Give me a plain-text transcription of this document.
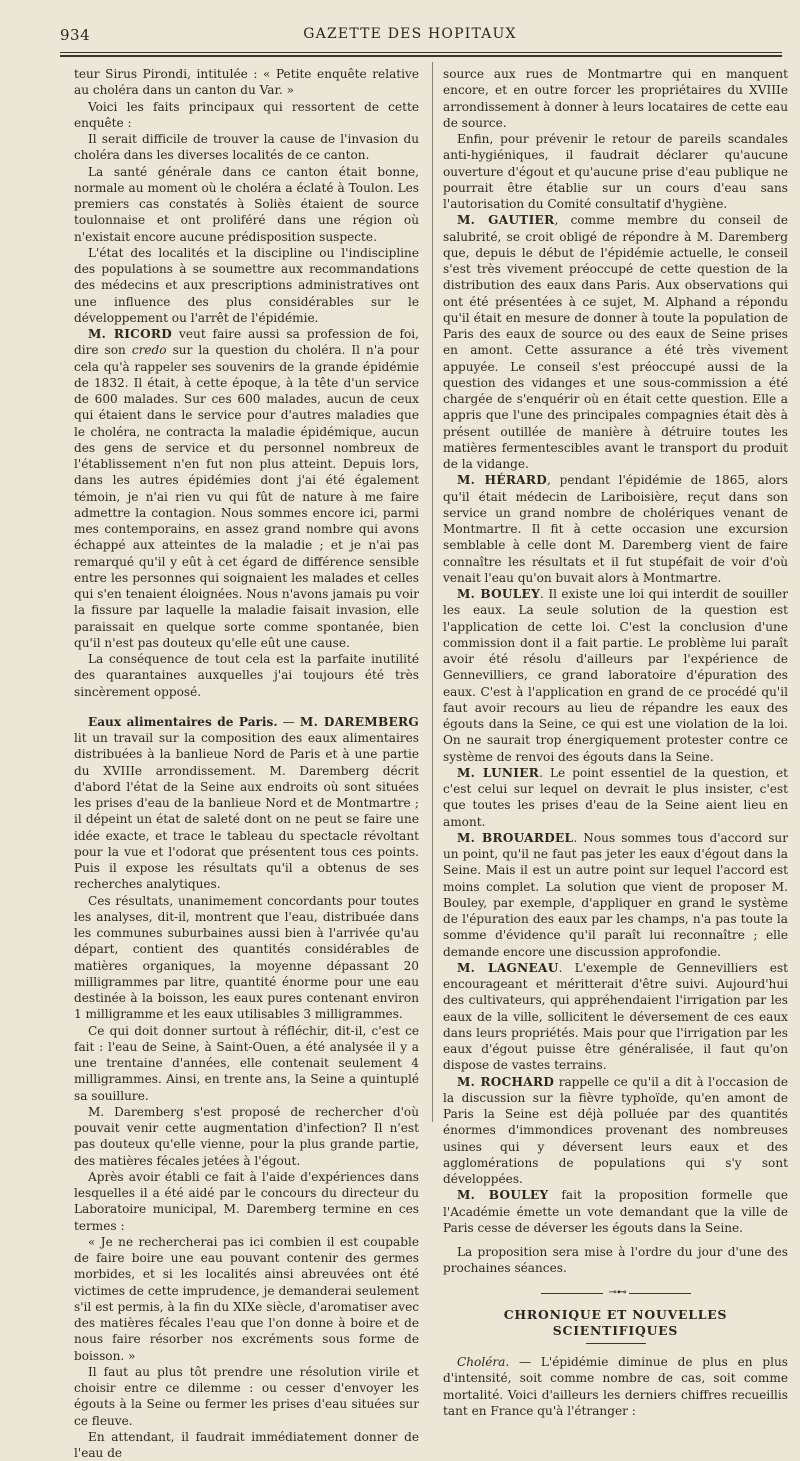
934	GAZETTE DES HOPITAUX

teur Sirus Pirondi, intitulée : « Petite enquête relative au choléra dans un canton du Var. »

Voici les faits principaux qui ressortent de cette enquête :

Il serait difficile de trouver la cause de l'invasion du choléra dans les diverses localités de ce canton.

La santé générale dans ce canton était bonne, normale au moment où le choléra a éclaté à Toulon. Les premiers cas constatés à Soliès étaient de source toulonnaise et ont proliféré dans une région où n'existait encore aucune prédisposition suspecte.

L'état des localités et la discipline ou l'indiscipline des populations à se soumettre aux recommandations des médecins et aux prescriptions administratives ont une influence des plus considérables sur le développement ou l'arrêt de l'épidémie.

M. RICORD veut faire aussi sa profession de foi, dire son credo sur la question du choléra. Il n'a pour cela qu'à rappeler ses souvenirs de la grande épidémie de 1832. Il était, à cette époque, à la tête d'un service de 600 malades. Sur ces 600 malades, aucun de ceux qui étaient dans le service pour d'autres maladies que le choléra, ne contracta la maladie épidémique, aucun des gens de service et du personnel nombreux de l'établissement n'en fut non plus atteint. Depuis lors, dans les autres épidémies dont j'ai été également témoin, je n'ai rien vu qui fût de nature à me faire admettre la contagion. Nous sommes encore ici, parmi mes contemporains, en assez grand nombre qui avons échappé aux atteintes de la maladie ; et je n'ai pas remarqué qu'il y eût à cet égard de différence sensible entre les personnes qui soignaient les malades et celles qui s'en tenaient éloignées. Nous n'avons jamais pu voir la fissure par laquelle la maladie faisait invasion, elle paraissait en quelque sorte comme spontanée, bien qu'il n'est pas douteux qu'elle eût une cause.

La conséquence de tout cela est la parfaite inutilité des quarantaines auxquelles j'ai toujours été très sincèrement opposé.

Eaux alimentaires de Paris. — M. DAREMBERG lit un travail sur la composition des eaux alimentaires distribuées à la banlieue Nord de Paris et à une partie du XVIIIe arrondissement. M. Daremberg décrit d'abord l'état de la Seine aux endroits où sont situées les prises d'eau de la banlieue Nord et de Montmartre ; il dépeint un état de saleté dont on ne peut se faire une idée exacte, et trace le tableau du spectacle révoltant pour la vue et l'odorat que présentent tous ces points. Puis il expose les résultats qu'il a obtenus de ses recherches analytiques.

Ces résultats, unanimement concordants pour toutes les analyses, dit-il, montrent que l'eau, distribuée dans les communes suburbaines aussi bien à l'arrivée qu'au départ, contient des quantités considérables de matières organiques, la moyenne dépassant 20 milligrammes par litre, quantité énorme pour une eau destinée à la boisson, les eaux pures contenant environ 1 milligramme et les eaux utilisables 3 milligrammes.

Ce qui doit donner surtout à réfléchir, dit-il, c'est ce fait : l'eau de Seine, à Saint-Ouen, a été analysée il y a une trentaine d'années, elle contenait seulement 4 milligrammes. Ainsi, en trente ans, la Seine a quintuplé sa souillure.

M. Daremberg s'est proposé de rechercher d'où pouvait venir cette augmentation d'infection? Il n'est pas douteux qu'elle vienne, pour la plus grande partie, des matières fécales jetées à l'égout.

Après avoir établi ce fait à l'aide d'expériences dans lesquelles il a été aidé par le concours du directeur du Laboratoire municipal, M. Daremberg termine en ces termes :

« Je ne rechercherai pas ici combien il est coupable de faire boire une eau pouvant contenir des germes morbides, et si les localités ainsi abreuvées ont été victimes de cette imprudence, je demanderai seulement s'il est permis, à la fin du XIXe siècle, d'aromatiser avec des matières fécales l'eau que l'on donne à boire et de nous faire résorber nos excréments sous forme de boisson. »

Il faut au plus tôt prendre une résolution virile et choisir entre ce dilemme : ou cesser d'envoyer les égouts à la Seine ou fermer les prises d'eau situées sur ce fleuve.

En attendant, il faudrait immédiatement donner de l'eau de

source aux rues de Montmartre qui en manquent encore, et en outre forcer les propriétaires du XVIIIe arrondissement à donner à leurs locataires de cette eau de source.

Enfin, pour prévenir le retour de pareils scandales anti-hygiéniques, il faudrait déclarer qu'aucune ouverture d'égout et qu'aucune prise d'eau publique ne pourrait être établie sur un cours d'eau sans l'autorisation du Comité consultatif d'hygiène.

M. GAUTIER, comme membre du conseil de salubrité, se croit obligé de répondre à M. Daremberg que, depuis le début de l'épidémie actuelle, le conseil s'est très vivement préoccupé de cette question de la distribution des eaux dans Paris. Aux observations qui ont été présentées à ce sujet, M. Alphand a répondu qu'il était en mesure de donner à toute la population de Paris des eaux de source ou des eaux de Seine prises en amont. Cette assurance a été très vivement appuyée. Le conseil s'est préoccupé aussi de la question des vidanges et une sous-commission a été chargée de s'enquérir où en était cette question. Elle a appris que l'une des principales compagnies était dès à présent outillée de manière à détruire toutes les matières fermentescibles avant le transport du produit de la vidange.

M. HÉRARD, pendant l'épidémie de 1865, alors qu'il était médecin de Lariboisière, reçut dans son service un grand nombre de cholériques venant de Montmartre. Il fit à cette occasion une excursion semblable à celle dont M. Daremberg vient de faire connaître les résultats et il fut stupéfait de voir d'où venait l'eau qu'on buvait alors à Montmartre.

M. BOULEY. Il existe une loi qui interdit de souiller les eaux. La seule solution de la question est l'application de cette loi. C'est la conclusion d'une commission dont il a fait partie. Le problème lui paraît avoir été résolu d'ailleurs par l'expérience de Gennevilliers, ce grand laboratoire d'épuration des eaux. C'est à l'application en grand de ce procédé qu'il faut avoir recours au lieu de répandre les eaux des égouts dans la Seine, ce qui est une violation de la loi. On ne saurait trop énergiquement protester contre ce système de renvoi des égouts dans la Seine.

M. LUNIER. Le point essentiel de la question, et c'est celui sur lequel on devrait le plus insister, c'est que toutes les prises d'eau de la Seine aient lieu en amont.

M. BROUARDEL. Nous sommes tous d'accord sur un point, qu'il ne faut pas jeter les eaux d'égout dans la Seine. Mais il est un autre point sur lequel l'accord est moins complet. La solution que vient de proposer M. Bouley, par exemple, d'appliquer en grand le système de l'épuration des eaux par les champs, n'a pas toute la somme d'évidence qu'il paraît lui reconnaître ; elle demande encore une discussion approfondie.

M. LAGNEAU. L'exemple de Gennevilliers est encourageant et méritterait d'être suivi. Aujourd'hui des cultivateurs, qui appréhendaient l'irrigation par les eaux de la ville, sollicitent le déversement de ces eaux dans leurs propriétés. Mais pour que l'irrigation par les eaux d'égout puisse être généralisée, il faut qu'on dispose de vastes terrains.

M. ROCHARD rappelle ce qu'il a dit à l'occasion de la discussion sur la fièvre typhoïde, qu'en amont de Paris la Seine est déjà polluée par des quantités énormes d'immondices provenant des nombreuses usines qui y déversent leurs eaux et des agglomérations de populations qui s'y sont développées.

M. BOULEY fait la proposition formelle que l'Académie émette un vote demandant que la ville de Paris cesse de déverser les égouts dans la Seine.

La proposition sera mise à l'ordre du jour d'une des prochaines séances.

⊸⊷
CHRONIQUE ET NOUVELLES SCIENTIFIQUES

Choléra. — L'épidémie diminue de plus en plus d'intensité, soit comme nombre de cas, soit comme mortalité. Voici d'ailleurs les derniers chiffres recueillis tant en France qu'à l'étranger :
